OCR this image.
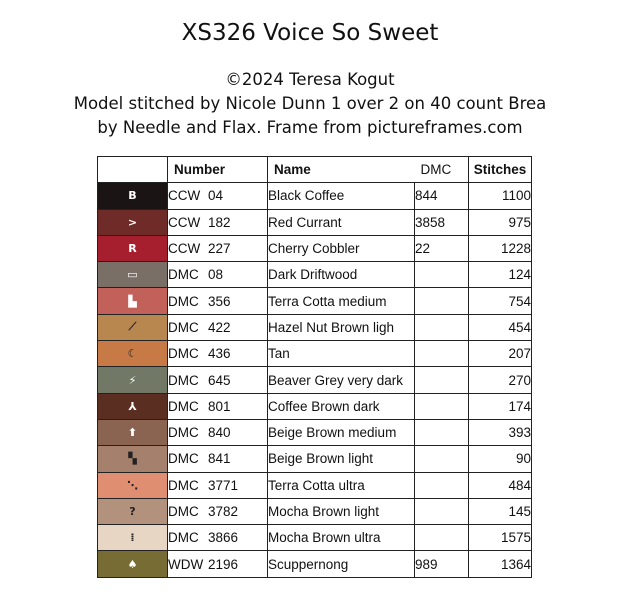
XS326 Voice So Sweet
©2024 Teresa Kogut
Model stitched by Nicole Dunn 1 over 2 on 40 count Brea
by Needle and Flax. Frame from pictureframes.com
	Number	Name	DMC	Stitches

B	CCW 04	Black Coffee	844	1100

>	CCW 182	Red Currant	3858	975

R	CCW 227	Cherry Cobbler	22	1228

▭	DMC 08	Dark Driftwood		124

▙	DMC 356	Terra Cotta medium		754

⟋	DMC 422	Hazel Nut Brown ligh		454

☾	DMC 436	Tan		207

⚡	DMC 645	Beaver Grey very dark		270

⅄	DMC 801	Coffee Brown dark		174

⬆	DMC 840	Beige Brown medium		393

▚	DMC 841	Beige Brown light		90

⋱	DMC 3771	Terra Cotta ultra		484

?	DMC 3782	Mocha Brown light		145

⁞	DMC 3866	Mocha Brown ultra		1575

♠	WDW 2196	Scuppernong	989	1364
